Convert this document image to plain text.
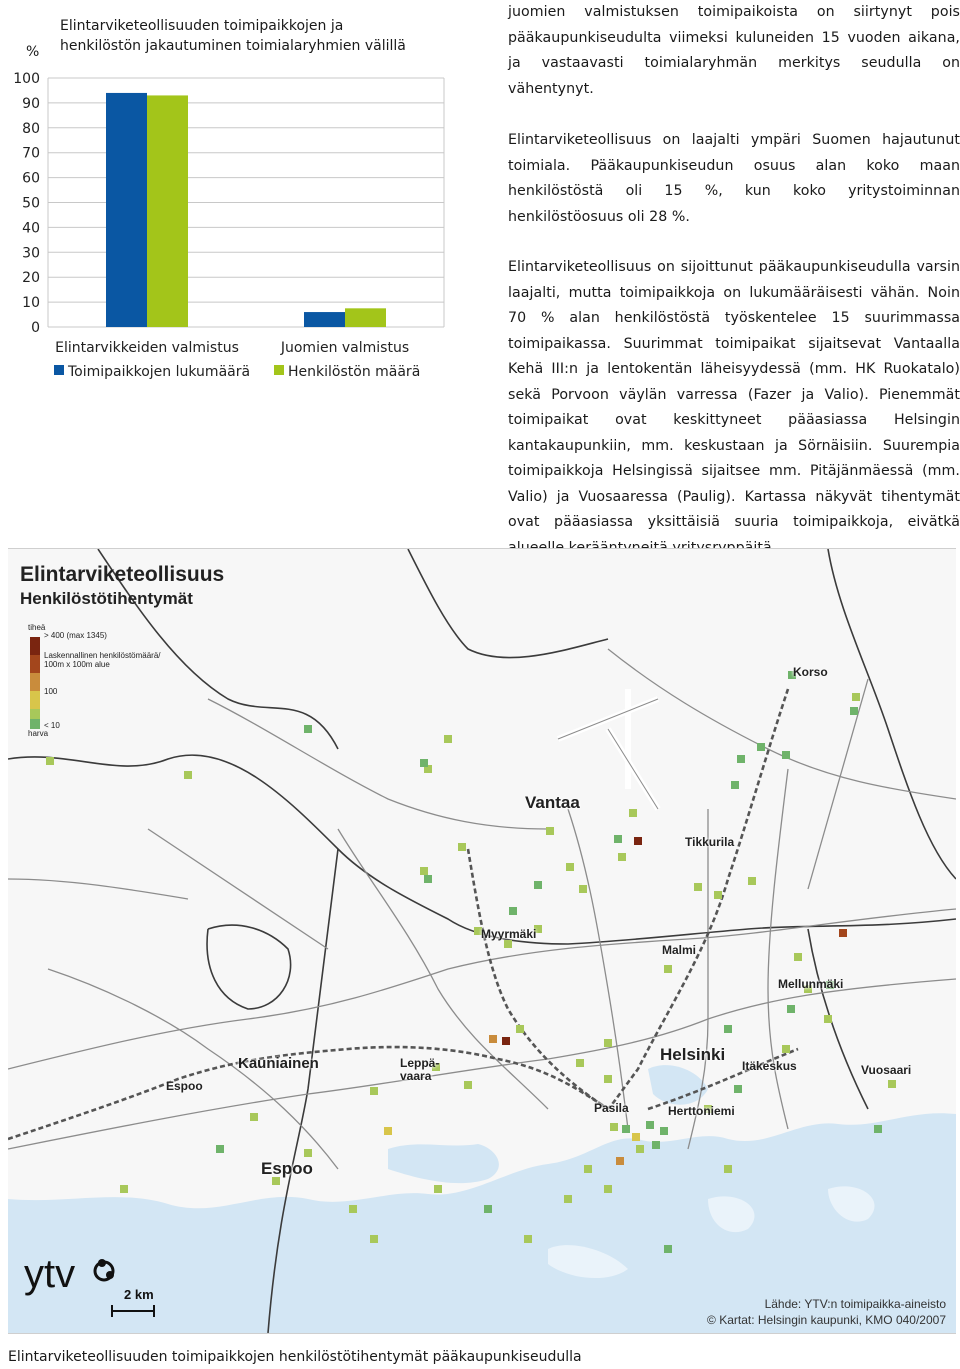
0
10
20
30
40
50
60
70
80
90
100
Elintarvikkeiden valmistus	Juomien valmistus
Toimipaikkojen lukumäärä	Henkilöstön määrä
%
Elintarviketeollisuuden toimipaikkojen ja henkilöstön jakautuminen toimialaryhmien välillä

juomien valmistuksen toimipaikoista on siirtynyt pois pääkaupunkiseudulta viimeksi kuluneiden 15 vuoden aikana, ja vastaavasti toimialaryhmän merkitys seudulla on vähentynyt.

Elintarviketeollisuus on laajalti ympäri Suomen hajautunut toimiala. Pääkaupunkiseudun osuus alan koko maan henkilöstöstä oli 15 %, kun koko yritystoiminnan henkilöstöosuus oli 28 %.

Elintarviketeollisuus on sijoittunut pääkaupunkiseudulla varsin laajalti, mutta toimipaikkoja on lukumääräisesti vähän. Noin 70 % alan henkilöstöstä työskentelee 15 suurimmassa toimipaikassa. Suurimmat toimipaikat sijaitsevat Vantaalla Kehä III:n ja lentokentän läheisyydessä (mm. HK Ruokatalo) sekä Porvoon väylän varressa (Fazer ja Valio). Pienemmät toimipaikat ovat keskittyneet pääasiassa Helsingin kantakaupunkiin, mm. keskustaan ja Sörnäisiin. Suurempia toimipaikkoja Helsingissä sijaitsee mm. Pitäjänmäessä (mm. Valio) ja Vuosaaressa (Paulig). Kartassa näkyvät tihentymät ovat pääasiassa yksittäisiä suuria toimipaikkoja, eivätkä

Elintarviketeollisuus
Henkilöstötihentymät
tiheä
> 400 (max 1345)
Laskennallinen henkilöstömäärä/ 100m x 100m alue
100
< 10
harva
Korso
Vantaa
Tikkurila
Myyrmäki
Malmi
Mellunmäki
Kauniainen	Leppä- vaara
Helsinki
Itäkeskus	Vuosaari
Espoo
Pasila	Herttoniemi
Espoo
ytv	2 km
Lähde: YTV:n toimipaikka-aineisto
© Kartat: Helsingin kaupunki, KMO 040/2007
Elintarviketeollisuuden toimipaikkojen henkilöstötihentymät pääkaupunkiseudulla
